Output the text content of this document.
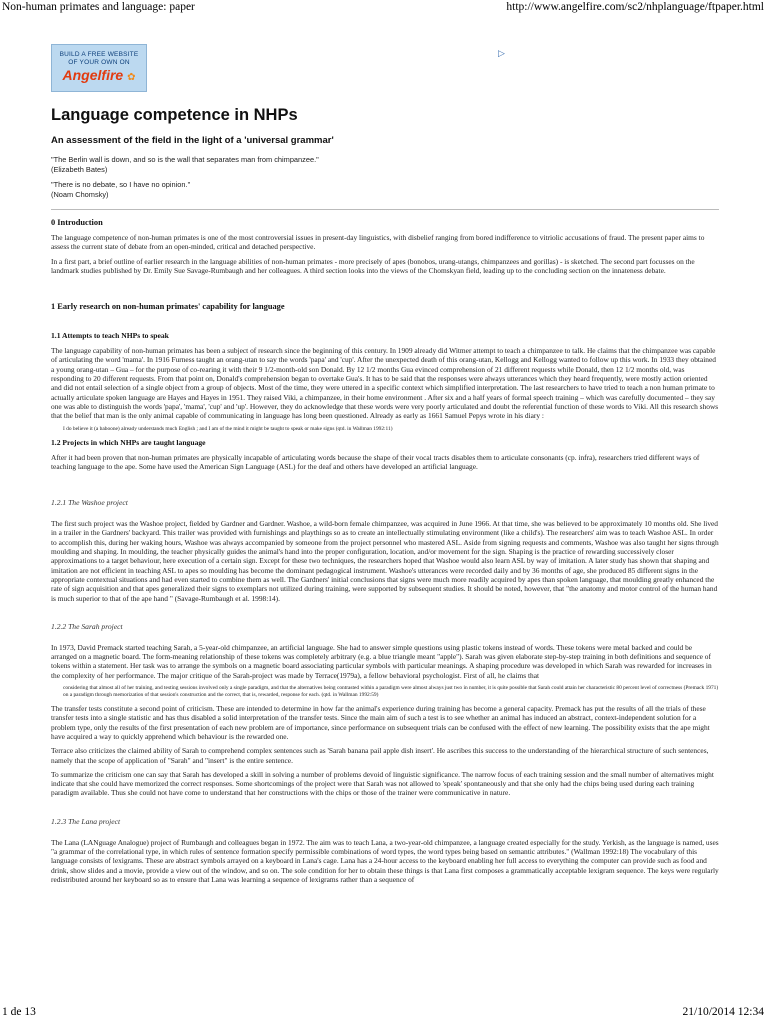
Non-human primates and language: paper	http://www.angelfire.com/sc2/nhplanguage/ftpaper.html
BUILD A FREE WEBSITE
OF YOUR OWN ON
Angelfire ✿
▷
Language competence in NHPs
An assessment of the field in the light of a 'universal grammar'
"The Berlin wall is down, and so is the wall that separates man from chimpanzee."
(Elizabeth Bates)
"There is no debate, so I have no opinion."
(Noam Chomsky)
0 Introduction

The language competence of non-human primates is one of the most controversial issues in present-day linguistics, with disbelief ranging from bored indifference to vitriolic accusations of fraud. The present paper aims to assess the current state of debate from an open-minded, critical and detached perspective.

In a first part, a brief outline of earlier research in the language abilities of non-human primates - more precisely of apes (bonobos, urang-utangs, chimpanzees and gorillas) - is sketched. The second part focusses on the landmark studies published by Dr. Emily Sue Savage-Rumbaugh and her colleagues. A third section looks into the views of the Chomskyan field, leading up to the concluding section on the innateness debate.

1 Early research on non-human primates' capability for language
1.1 Attempts to teach NHPs to speak

The language capability of non-human primates has been a subject of research since the beginning of this century. In 1909 already did Witmer attempt to teach a chimpanzee to talk. He claims that the chimpanzee was capable of articulating the word 'mama'. In 1916 Furness taught an orang-utan to say the words 'papa' and 'cup'. After the unexpected death of this orang-utan, Kellogg and Kellogg wanted to follow up this work. In 1933 they obtained a young orang-utan – Gua – for the purpose of co-rearing it with their 9 1/2-month-old son Donald. By 12 1/2 months Gua evinced comprehension of 21 different requests while Donald, then 12 1/2 months old, was responding to 20 different requests. From that point on, Donald's comprehension began to overtake Gua's. It has to be said that the responses were always utterances which they heard frequently, were mostly action oriented and did not entail selection of a single object from a group of objects. Most of the time, they were uttered in a specific context which simplified interpretation. The last researchers to have tried to teach a non human primate to actually articulate spoken language are Hayes and Hayes in 1951. They raised Viki, a chimpanzee, in their home environment . After six and a half years of formal speech training – which was carefully documented – they say one was able to distinguish the words 'papa', 'mama', 'cup' and 'up'. However, they do acknowledge that these words were very poorly articulated and doubt the referential function of these words to Viki. All this research shows that the belief that man is the only animal capable of communicating in language has long been questioned. Already as early as 1661 Samuel Pepys wrote in his diary :

I do believe it (a baboone) already understands much English ; and I am of the mind it might be taught to speak or make signs (qtd. in Wallman 1992:11)

1.2 Projects in which NHPs are taught language

After it had been proven that non-human primates are physically incapable of articulating words because the shape of their vocal tracts disables them to articulate consonants (cp. infra), researchers tried different ways of teaching language to the ape. Some have used the American Sign Language (ASL) for the deaf and others have developed an artificial language.

1.2.1 The Washoe project

The first such project was the Washoe project, fielded by Gardner and Gardner. Washoe, a wild-born female chimpanzee, was acquired in June 1966. At that time, she was believed to be approximately 10 months old. She lived in a trailer in the Gardners' backyard. This trailer was provided with furnishings and playthings so as to create an intellectually stimulating environment (like a child's). The researchers' aim was to teach Washoe ASL. In order to accomplish this, during her waking hours, Washoe was always accompanied by someone from the project personnel who mastered ASL. Aside from signing requests and comments, Washoe was also taught her signs through moulding and shaping. In moulding, the teacher physically guides the animal's hand into the proper configuration, location, and/or movement for the sign. Shaping is the practice of rewarding successively closer approximations to a target behaviour, here execution of a certain sign. Except for these two techniques, the researchers hoped that Washoe would also learn ASL by way of imitation. A later study has shown that shaping and imitation are not efficient in teaching ASL to apes so moulding has become the dominant pedagogical instrument. Washoe's utterances were recorded daily and by 36 months of age, she produced 85 different signs in the appropriate contextual situations and had even started to combine them as well. The Gardners' initial conclusions that signs were much more readily acquired by apes than spoken language, that moulding greatly enhanced the rate of sign acquisition and that apes generalized their signs to exemplars not utilized during training, were supported by subsequent studies. It should be noted, however, that "the anatomy and motor control of the human hand is much superior to that of the ape hand " (Savage-Rumbaugh et al. 1998:14).

1.2.2 The Sarah project

In 1973, David Premack started teaching Sarah, a 5-year-old chimpanzee, an artificial language. She had to answer simple questions using plastic tokens instead of words. These tokens were metal backed and could be arranged on a magnetic board. The form-meaning relationship of these tokens was completely arbitrary (e.g. a blue triangle meant "apple"). Sarah was given elaborate step-by-step training in both definitions and sequence of tokens within a statement. Her task was to arrange the symbols on a magnetic board associating particular symbols with particular meanings. A shaping procedure was developed in which Sarah was rewarded for increases in the complexity of her performance. The major critique of the Sarah-project was made by Terrace(1979a), a fellow behavioral psychologist. First of all, he claims that

considering that almost all of her training, and testing sessions involved only a single paradigm, and that the alternatives being contrasted within a paradigm were almost always just two in number, it is quite possible that Sarah could attain her characteristic 80 percent level of correctness (Premack 1971) on a paradigm through memorization of that session's construction and the correct, that is, rewarded, response for each. (qtd. in Wallman 1992:59)

The transfer tests constitute a second point of criticism. These are intended to determine in how far the animal's experience during training has become a general capacity. Premack has put the results of all the trials of these transfer tests into a single statistic and has thus disabled a solid interpretation of the transfer tests. Since the main aim of such a test is to see whether an animal has induced an abstract, context-independent solution for a problem type, only the results of the first presentation of each new problem are of importance, since performance on subsequent trials can be confused with the effect of new learning. The possibility exists that the ape might have acquired a way to quickly apprehend which behaviour is the rewarded one.

Terrace also criticizes the claimed ability of Sarah to comprehend complex sentences such as 'Sarah banana pail apple dish insert'. He ascribes this success to the understanding of the hierarchical structure of such sentences, namely that the scope of application of "Sarah" and "insert" is the entire sentence.

To summarize the criticism one can say that Sarah has developed a skill in solving a number of problems devoid of linguistic significance. The narrow focus of each training session and the small number of alternatives might indicate that she could have memorized the correct responses. Some shortcomings of the project were that Sarah was not allowed to 'speak' spontaneously and that she only had the chips being used during each training paradigm available. Thus she could not have come to understand that her constructions with the chips or those of the trainer were communicative in nature.

1.2.3 The Lana project

The Lana (LANguage Analogue) project of Rumbaugh and colleagues began in 1972. The aim was to teach Lana, a two-year-old chimpanzee, a language created especially for the study. Yerkish, as the language is named, uses "a grammar of the correlational type, in which rules of sentence formation specify permissible combinations of word types, the word types being based on semantic attributes." (Wallman 1992:18) The vocabulary of this language consists of lexigrams. These are abstract symbols arrayed on a keyboard in Lana's cage. Lana has a 24-hour access to the keyboard enabling her full access to everything the computer can provide such as food and drink, show slides and a movie, provide a view out of the window, and so on. The sole condition for her to obtain these things is that Lana first composes a grammatically acceptable lexigram sequence. The keys were regularly redistributed around her keyboard so as to ensure that Lana was learning a sequence of lexigrams rather than a sequence of

1 de 13	21/10/2014 12:34
